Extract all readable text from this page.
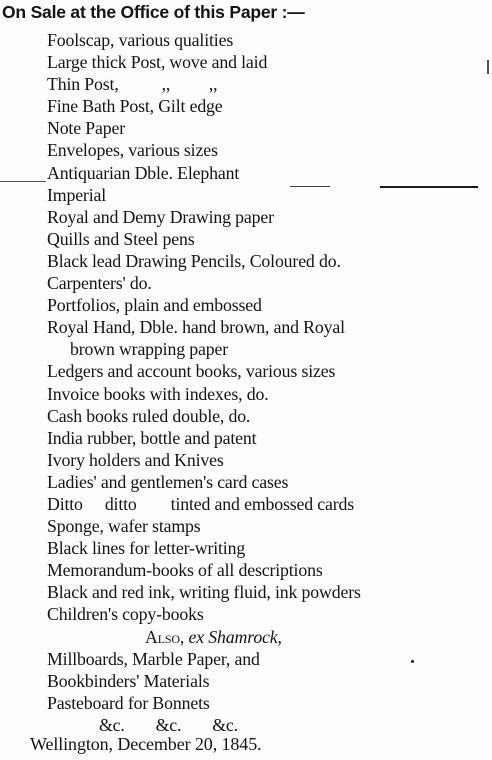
On Sale at the Office of this Paper :—
Foolscap, various qualities
Large thick Post, wove and laid
Thin Post,          ,,         ,,
Fine Bath Post, Gilt edge
Note Paper
Envelopes, various sizes
Antiquarian Dble. Elephant
Imperial
Royal and Demy Drawing paper
Quills and Steel pens
Black lead Drawing Pencils, Coloured do.
Carpenters' do.
Portfolios, plain and embossed
Royal Hand, Dble. hand brown, and Royal
brown wrapping paper
Ledgers and account books, various sizes
Invoice books with indexes, do.
Cash books ruled double, do.
India rubber, bottle and patent
Ivory holders and Knives
Ladies' and gentlemen's card cases
Ditto ditto tinted and embossed cards
Sponge, wafer stamps
Black lines for letter-writing
Memorandum-books of all descriptions
Black and red ink, writing fluid, ink powders
Children's copy-books
Also, ex Shamrock,
Millboards, Marble Paper, and
Bookbinders' Materials
Pasteboard for Bonnets
&c.   &c.   &c.
Wellington, December 20, 1845.
